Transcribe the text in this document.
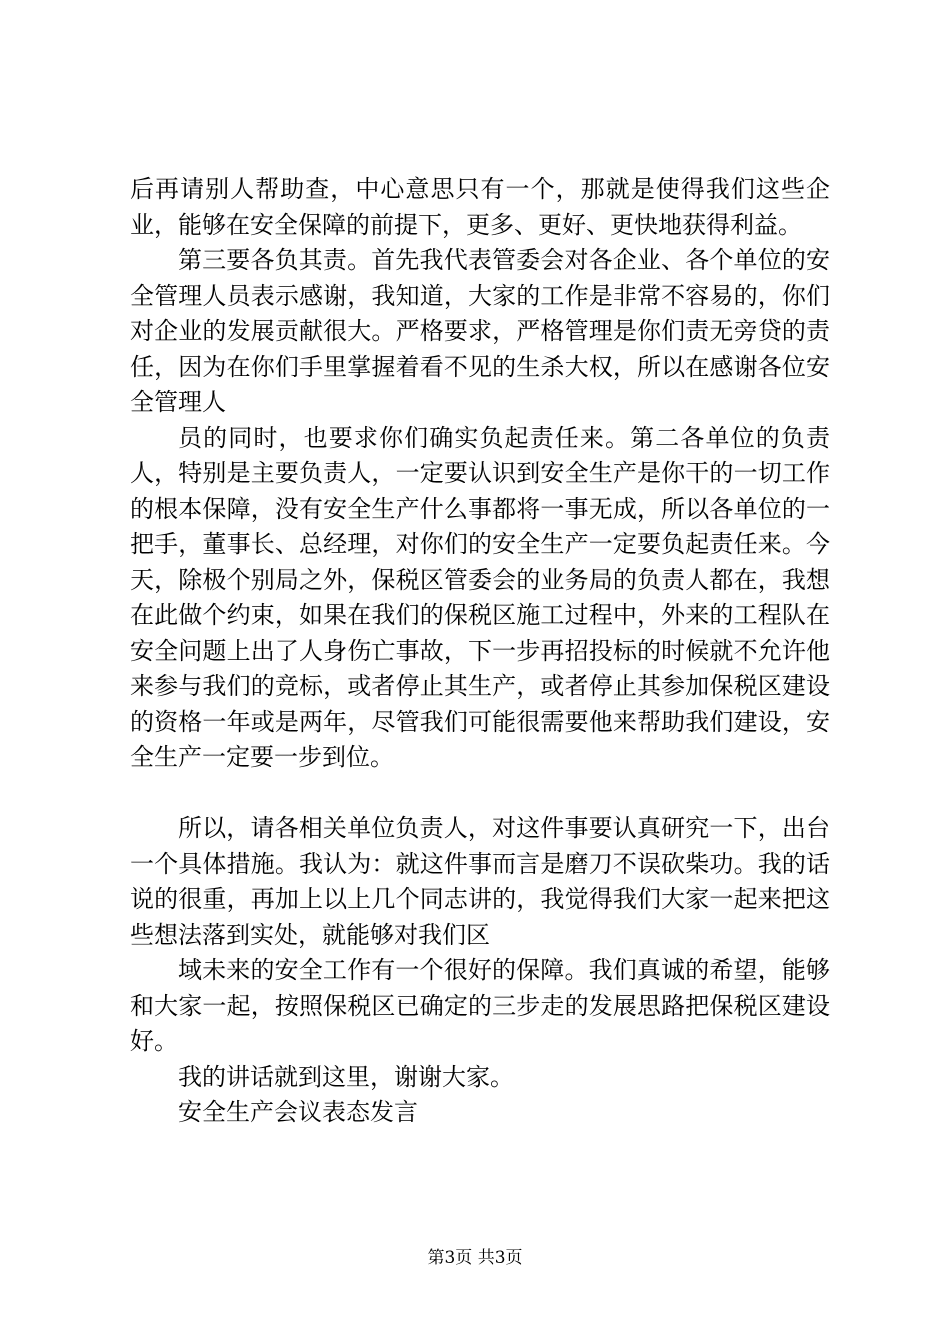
后再请别人帮助查，中心意思只有一个，那就是使得我们这些企业，能够在安全保障的前提下，更多、更好、更快地获得利益。

第三要各负其责。首先我代表管委会对各企业、各个单位的安全管理人员表示感谢，我知道，大家的工作是非常不容易的，你们对企业的发展贡献很大。严格要求，严格管理是你们责无旁贷的责任，因为在你们手里掌握着看不见的生杀大权，所以在感谢各位安全管理人

员的同时，也要求你们确实负起责任来。第二各单位的负责人，特别是主要负责人，一定要认识到安全生产是你干的一切工作的根本保障，没有安全生产什么事都将一事无成，所以各单位的一把手，董事长、总经理，对你们的安全生产一定要负起责任来。今天，除极个别局之外，保税区管委会的业务局的负责人都在，我想在此做个约束，如果在我们的保税区施工过程中，外来的工程队在安全问题上出了人身伤亡事故，下一步再招投标的时候就不允许他来参与我们的竞标，或者停止其生产，或者停止其参加保税区建设的资格一年或是两年，尽管我们可能很需要他来帮助我们建设，安全生产一定要一步到位。

所以，请各相关单位负责人，对这件事要认真研究一下，出台一个具体措施。我认为：就这件事而言是磨刀不误砍柴功。我的话说的很重，再加上以上几个同志讲的，我觉得我们大家一起来把这些想法落到实处，就能够对我们区

域未来的安全工作有一个很好的保障。我们真诚的希望，能够和大家一起，按照保税区已确定的三步走的发展思路把保税区建设好。

我的讲话就到这里，谢谢大家。

安全生产会议表态发言

第3页 共3页
